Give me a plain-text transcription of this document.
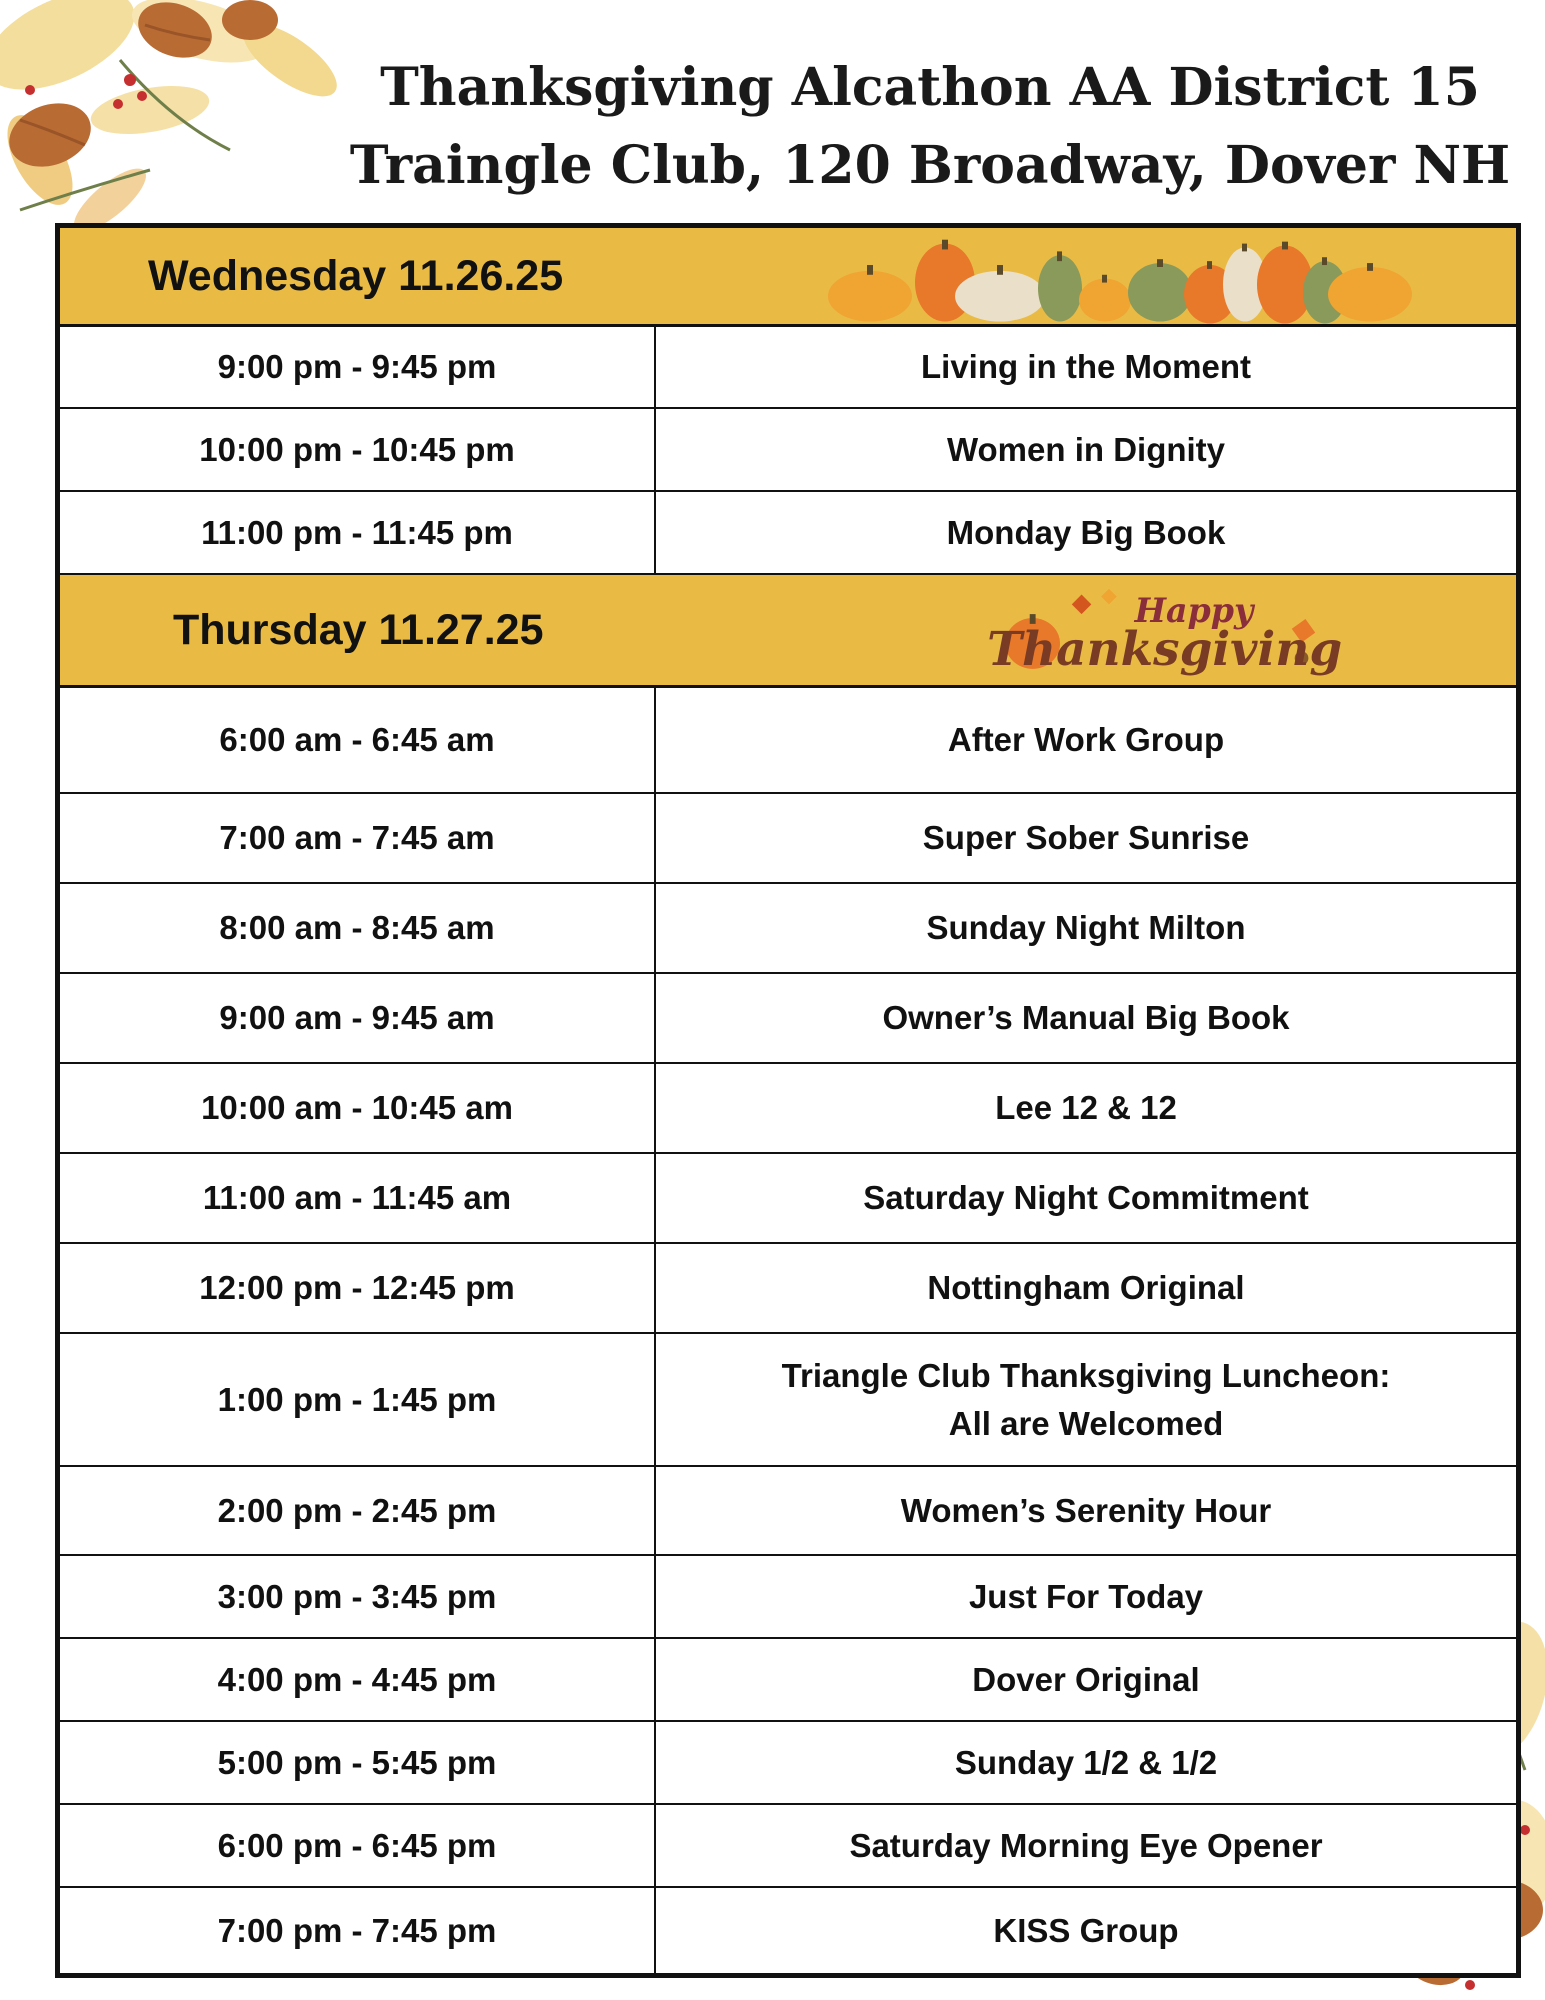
Thanksgiving Alcathon AA District 15
Traingle Club, 120 Broadway, Dover NH
Wednesday 11.26.25	

9:00 pm - 9:45 pm	Living in the Moment
10:00 pm - 10:45 pm	Women in Dignity
11:00 pm - 11:45 pm	Monday Big Book

Thursday 11.27.25 Happy
Thanksgiving	

6:00 am - 6:45 am	After Work Group
7:00 am - 7:45 am	Super Sober Sunrise
8:00 am - 8:45 am	Sunday Night Milton
9:00 am - 9:45 am	Owner’s Manual Big Book
10:00 am - 10:45 am	Lee 12 & 12
11:00 am - 11:45 am	Saturday Night Commitment
12:00 pm - 12:45 pm	Nottingham Original
1:00 pm - 1:45 pm	Triangle Club Thanksgiving Luncheon:
All are Welcomed
2:00 pm - 2:45 pm	Women’s Serenity Hour
3:00 pm - 3:45 pm	Just For Today
4:00 pm - 4:45 pm	Dover Original
5:00 pm - 5:45 pm	Sunday 1/2 & 1/2
6:00 pm - 6:45 pm	Saturday Morning Eye Opener
7:00 pm - 7:45 pm	KISS Group
